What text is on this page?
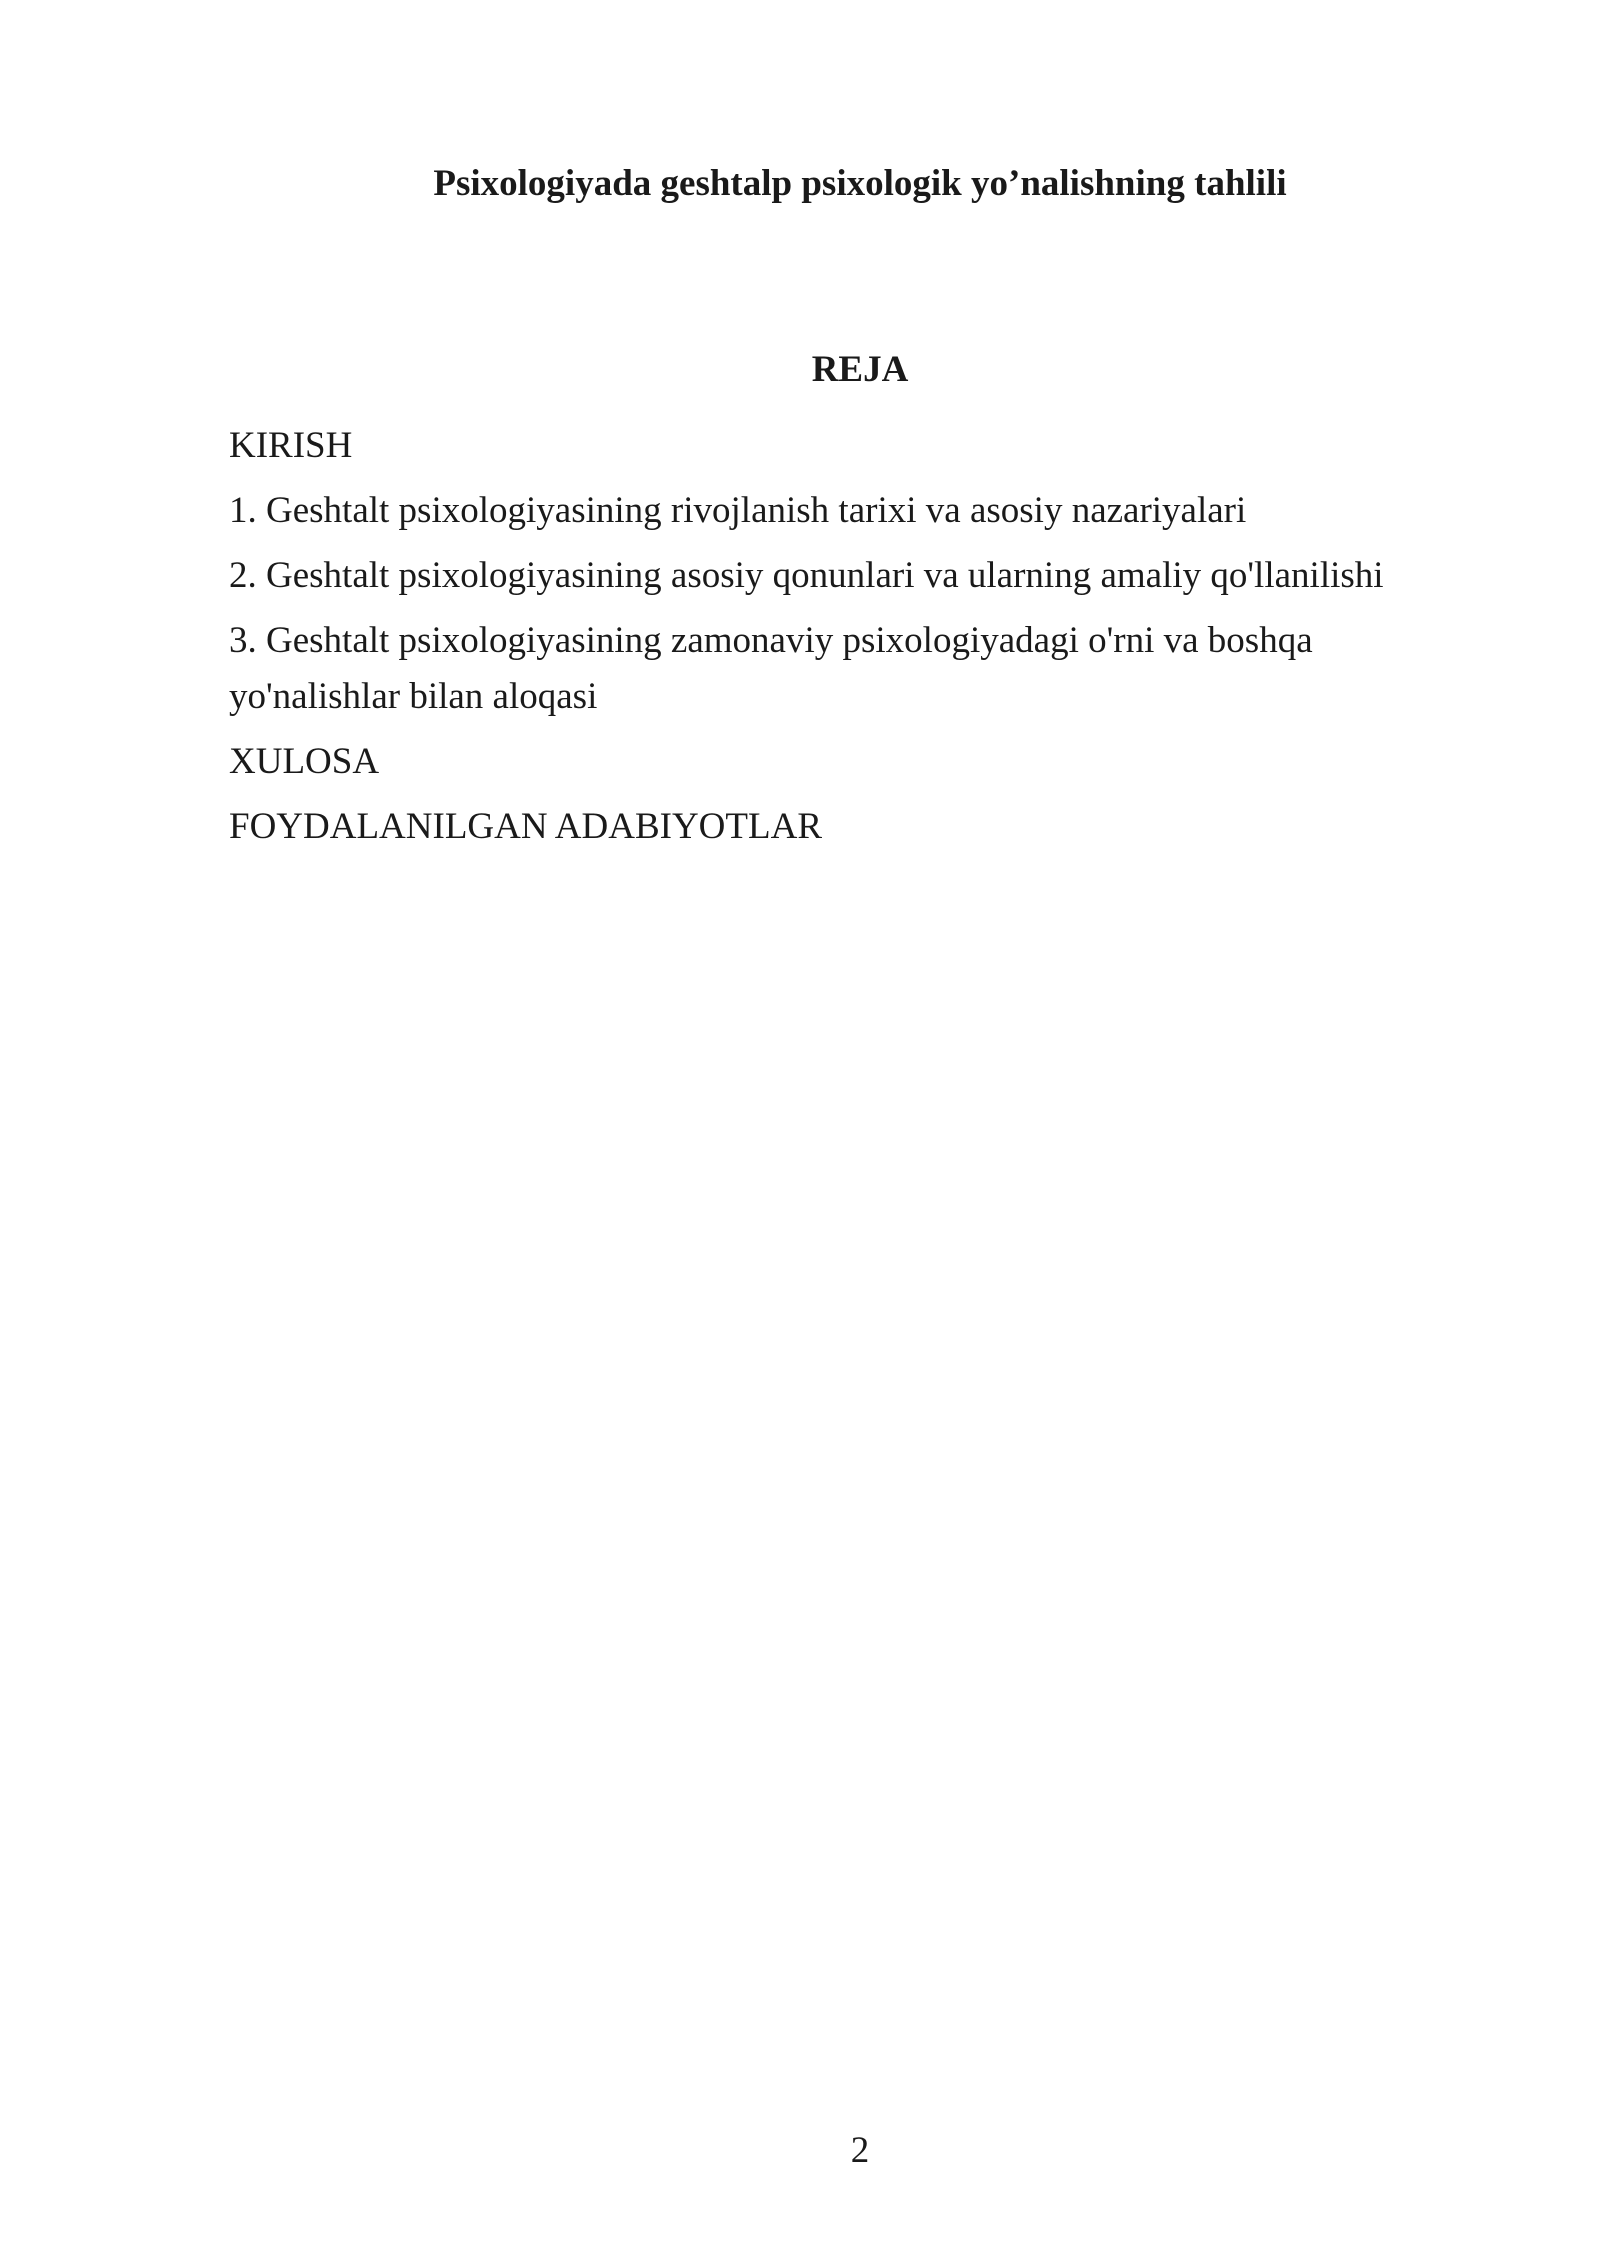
Psixologiyada geshtalp psixologik yo’nalishning tahlili
REJA
KIRISH
1. Geshtalt psixologiyasining rivojlanish tarixi va asosiy nazariyalari
2. Geshtalt psixologiyasining asosiy qonunlari va ularning amaliy qo'llanilishi
3. Geshtalt psixologiyasining zamonaviy psixologiyadagi o'rni va boshqa yo'nalishlar bilan aloqasi
XULOSA
FOYDALANILGAN ADABIYOTLAR
2
